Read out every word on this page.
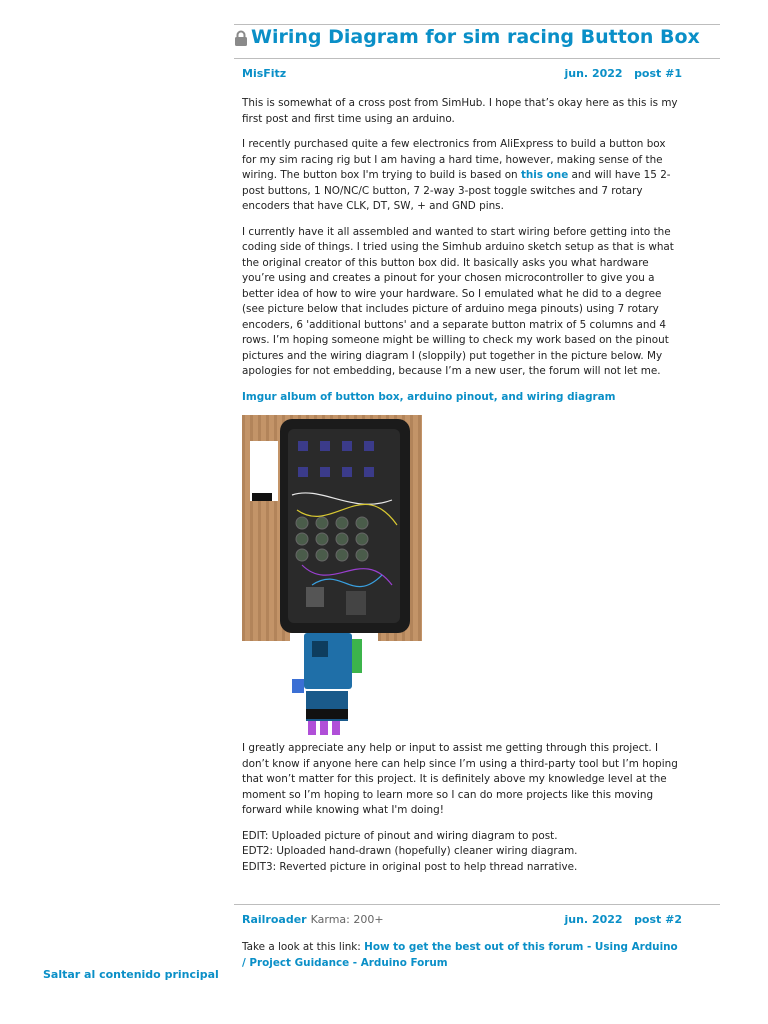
Wiring Diagram for sim racing Button Box
MisFitz	jun. 2022 post #1

This is somewhat of a cross post from SimHub. I hope that’s okay here as this is my first post and first time using an arduino.

I recently purchased quite a few electronics from AliExpress to build a button box for my sim racing rig but I am having a hard time, however, making sense of the wiring. The button box I'm trying to build is based on this one and will have 15 2-post buttons, 1 NO/NC/C button, 7 2-way 3-post toggle switches and 7 rotary encoders that have CLK, DT, SW, + and GND pins.

I currently have it all assembled and wanted to start wiring before getting into the coding side of things. I tried using the Simhub arduino sketch setup as that is what the original creator of this button box did. It basically asks you what hardware you’re using and creates a pinout for your chosen microcontroller to give you a better idea of how to wire your hardware. So I emulated what he did to a degree (see picture below that includes picture of arduino mega pinouts) using 7 rotary encoders, 6 'additional buttons' and a separate button matrix of 5 columns and 4 rows. I’m hoping someone might be willing to check my work based on the pinout pictures and the wiring diagram I (sloppily) put together in the picture below. My apologies for not embedding, because I’m a new user, the forum will not let me.

Imgur album of button box, arduino pinout, and wiring diagram

I greatly appreciate any help or input to assist me getting through this project. I don’t know if anyone here can help since I’m using a third-party tool but I’m hoping that won’t matter for this project. It is definitely above my knowledge level at the moment so I’m hoping to learn more so I can do more projects like this moving forward while knowing what I'm doing!

EDIT: Uploaded picture of pinout and wiring diagram to post.

EDT2: Uploaded hand-drawn (hopefully) cleaner wiring diagram.

EDIT3: Reverted picture in original post to help thread narrative.

Railroader Karma: 200+	jun. 2022 post #2

Take a look at this link: How to get the best out of this forum - Using Arduino / Project Guidance - Arduino Forum

Saltar al contenido principal
